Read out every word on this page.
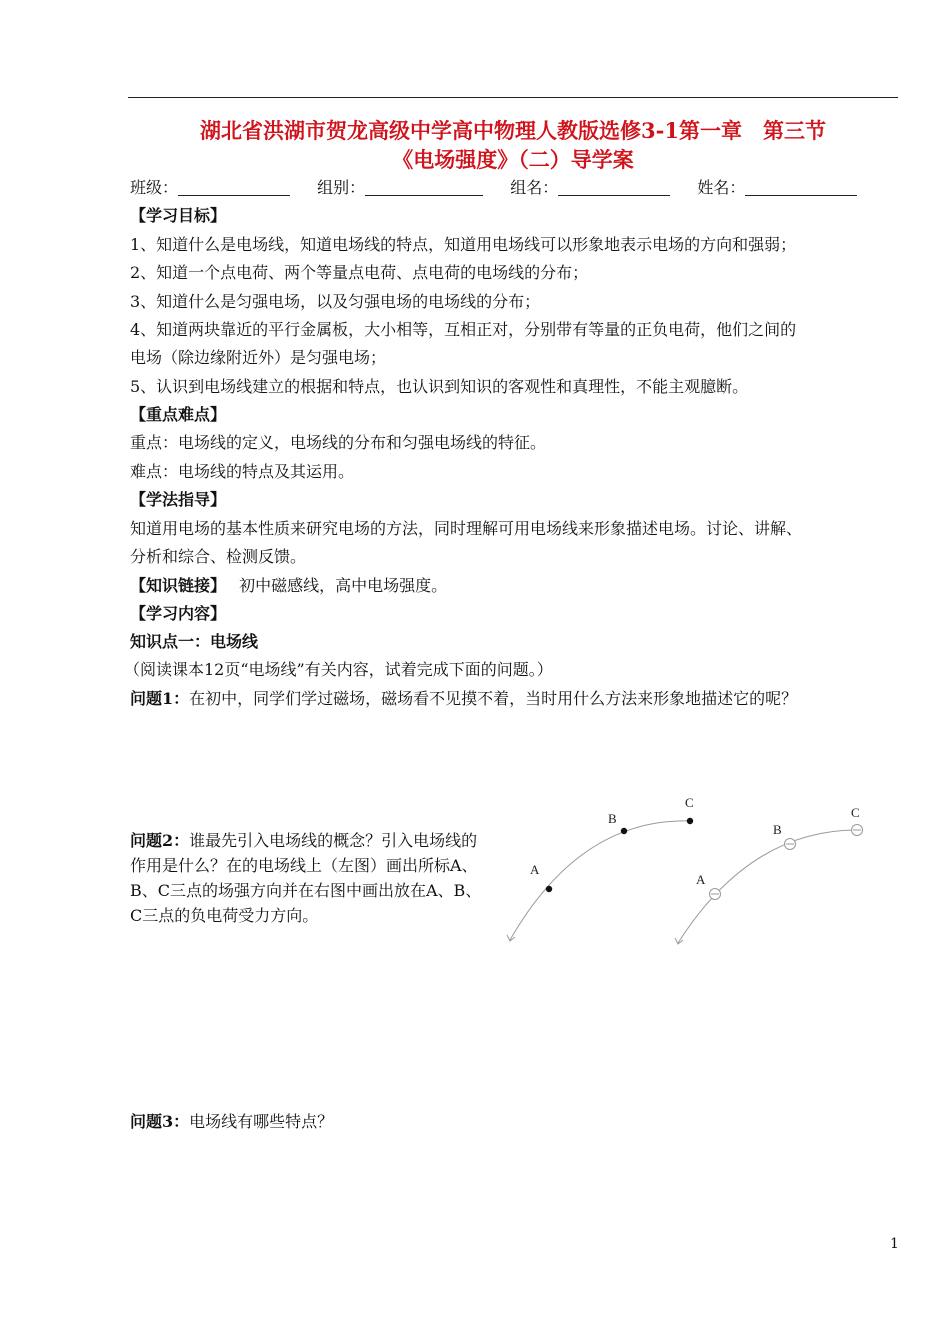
湖北省洪湖市贺龙高级中学高中物理人教版选修3-1第一章　第三节
《电场强度》（二）导学案
班级：	组别：	组名：	姓名：
【学习目标】
1、知道什么是电场线，知道电场线的特点，知道用电场线可以形象地表示电场的方向和强弱；
2、知道一个点电荷、两个等量点电荷、点电荷的电场线的分布；
3、知道什么是匀强电场，以及匀强电场的电场线的分布；
4、知道两块靠近的平行金属板，大小相等，互相正对，分别带有等量的正负电荷，他们之间的
电场（除边缘附近外）是匀强电场；
5、认识到电场线建立的根据和特点，也认识到知识的客观性和真理性，不能主观臆断。
【重点难点】
重点：电场线的定义，电场线的分布和匀强电场线的特征。
难点：电场线的特点及其运用。
【学法指导】
知道用电场的基本性质来研究电场的方法，同时理解可用电场线来形象描述电场。讨论、讲解、
分析和综合、检测反馈。
【知识链接】 初中磁感线，高中电场强度。
【学习内容】
知识点一：电场线
（阅读课本12页“电场线”有关内容，试着完成下面的问题。）
问题1：在初中，同学们学过磁场，磁场看不见摸不着，当时用什么方法来形象地描述它的呢？
问题2：谁最先引入电场线的概念？引入电场线的作用是什么？在的电场线上（左图）画出所标A、B、C三点的场强方向并在右图中画出放在A、B、C三点的负电荷受力方向。
A
B
C
A
B
C
问题3：电场线有哪些特点？
1
